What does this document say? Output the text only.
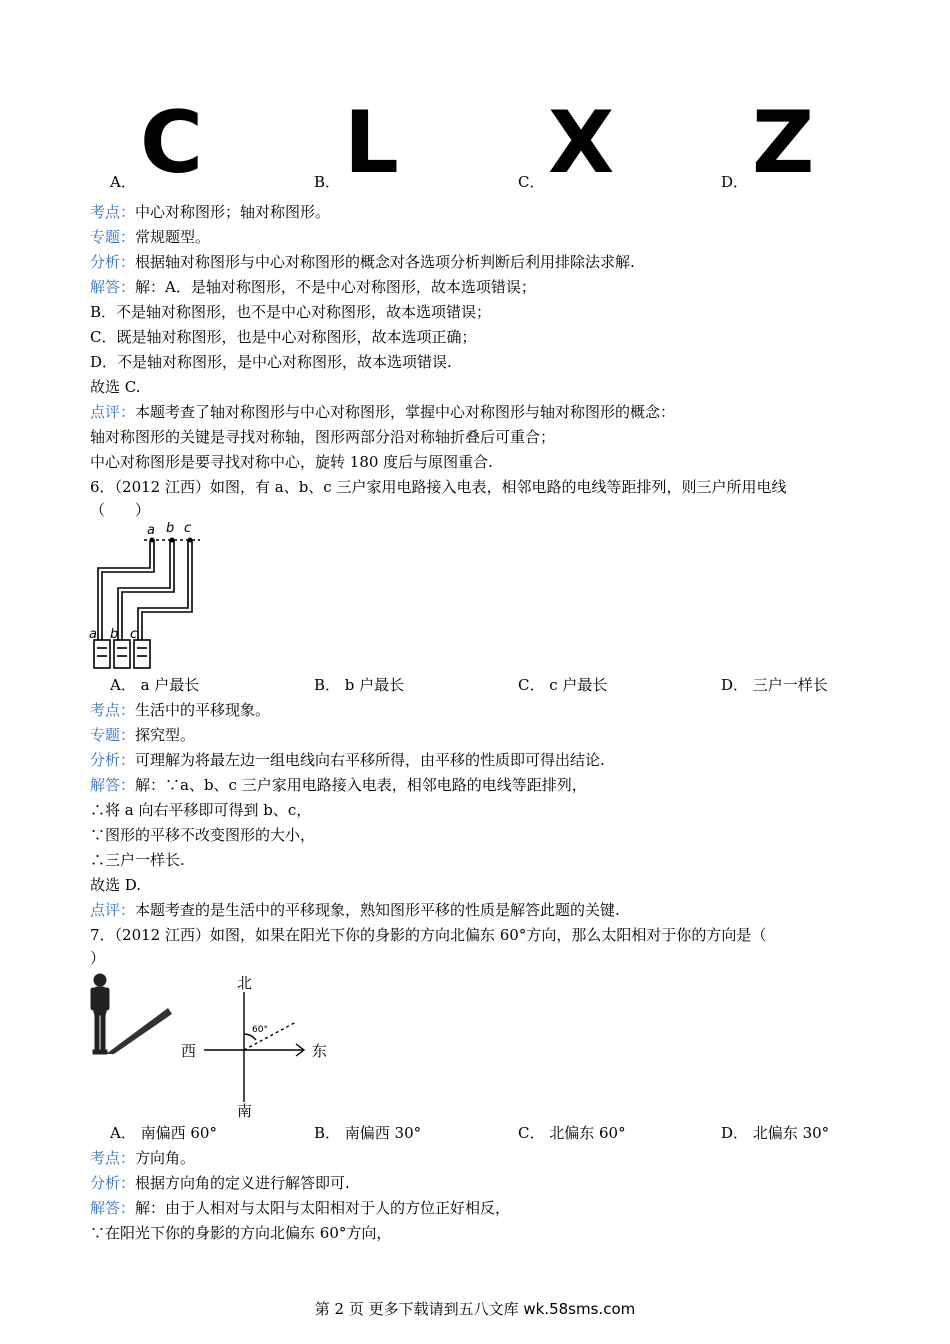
C L X Z
A．	B．	C．	D．
考点：中心对称图形；轴对称图形。
专题：常规题型。
分析：根据轴对称图形与中心对称图形的概念对各选项分析判断后利用排除法求解.
解答：解：A．是轴对称图形，不是中心对称图形，故本选项错误；
B．不是轴对称图形，也不是中心对称图形，故本选项错误；
C．既是轴对称图形，也是中心对称图形，故本选项正确；
D．不是轴对称图形，是中心对称图形，故本选项错误.
故选 C.
点评：本题考查了轴对称图形与中心对称图形，掌握中心对称图形与轴对称图形的概念：
轴对称图形的关键是寻找对称轴，图形两部分沿对称轴折叠后可重合；
中心对称图形是要寻找对称中心，旋转 180 度后与原图重合.
6．（2012 江西）如图，有 a、b、c 三户家用电路接入电表，相邻电路的电线等距排列，则三户所用电线
（　　）
a b c
a b c
A． a 户最长	B． b 户最长	C． c 户最长	D． 三户一样长
考点：生活中的平移现象。
专题：探究型。
分析：可理解为将最左边一组电线向右平移所得，由平移的性质即可得出结论.
解答：解：∵a、b、c 三户家用电路接入电表，相邻电路的电线等距排列，
∴将 a 向右平移即可得到 b、c，
∵图形的平移不改变图形的大小，
∴三户一样长.
故选 D.
点评：本题考查的是生活中的平移现象，熟知图形平移的性质是解答此题的关键.
7．（2012 江西）如图，如果在阳光下你的身影的方向北偏东 60°方向，那么太阳相对于你的方向是（
）
北
南
西	东
60°
A． 南偏西 60°	B． 南偏西 30°	C． 北偏东 60°	D． 北偏东 30°
考点：方向角。
分析：根据方向角的定义进行解答即可.
解答：解：由于人相对与太阳与太阳相对于人的方位正好相反，
∵在阳光下你的身影的方向北偏东 60°方向，
第 2 页 更多下载请到五八文库 wk.58sms.com
